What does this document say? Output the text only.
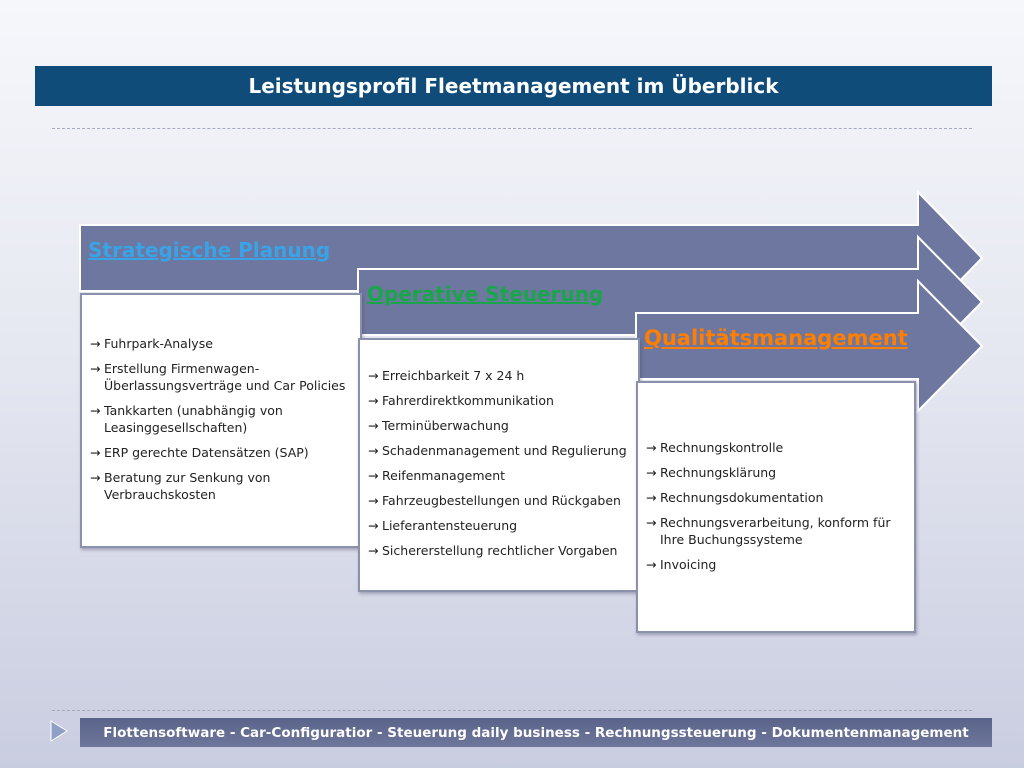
Leistungsprofil Fleetmanagement im Überblick
Strategische Planung
Operative Steuerung
Qualitätsmanagement
→ Fuhrpark-Analyse
→ Erstellung Firmenwagen-Überlassungsverträge und Car Policies
→ Tankkarten (unabhängig von Leasinggesellschaften)
→ ERP gerechte Datensätzen (SAP)
→ Beratung zur Senkung von Verbrauchskosten
→ Erreichbarkeit 7 x 24 h
→ Fahrerdirektkommunikation
→ Terminüberwachung
→ Schadenmanagement und Regulierung
→ Reifenmanagement
→ Fahrzeugbestellungen und Rückgaben
→ Lieferantensteuerung
→ Sichererstellung rechtlicher Vorgaben
→ Rechnungskontrolle
→ Rechnungsklärung
→ Rechnungsdokumentation
→ Rechnungsverarbeitung, konform für Ihre Buchungssysteme
→ Invoicing
Flottensoftware - Car-Configuratior - Steuerung daily business - Rechnungssteuerung - Dokumentenmanagement
